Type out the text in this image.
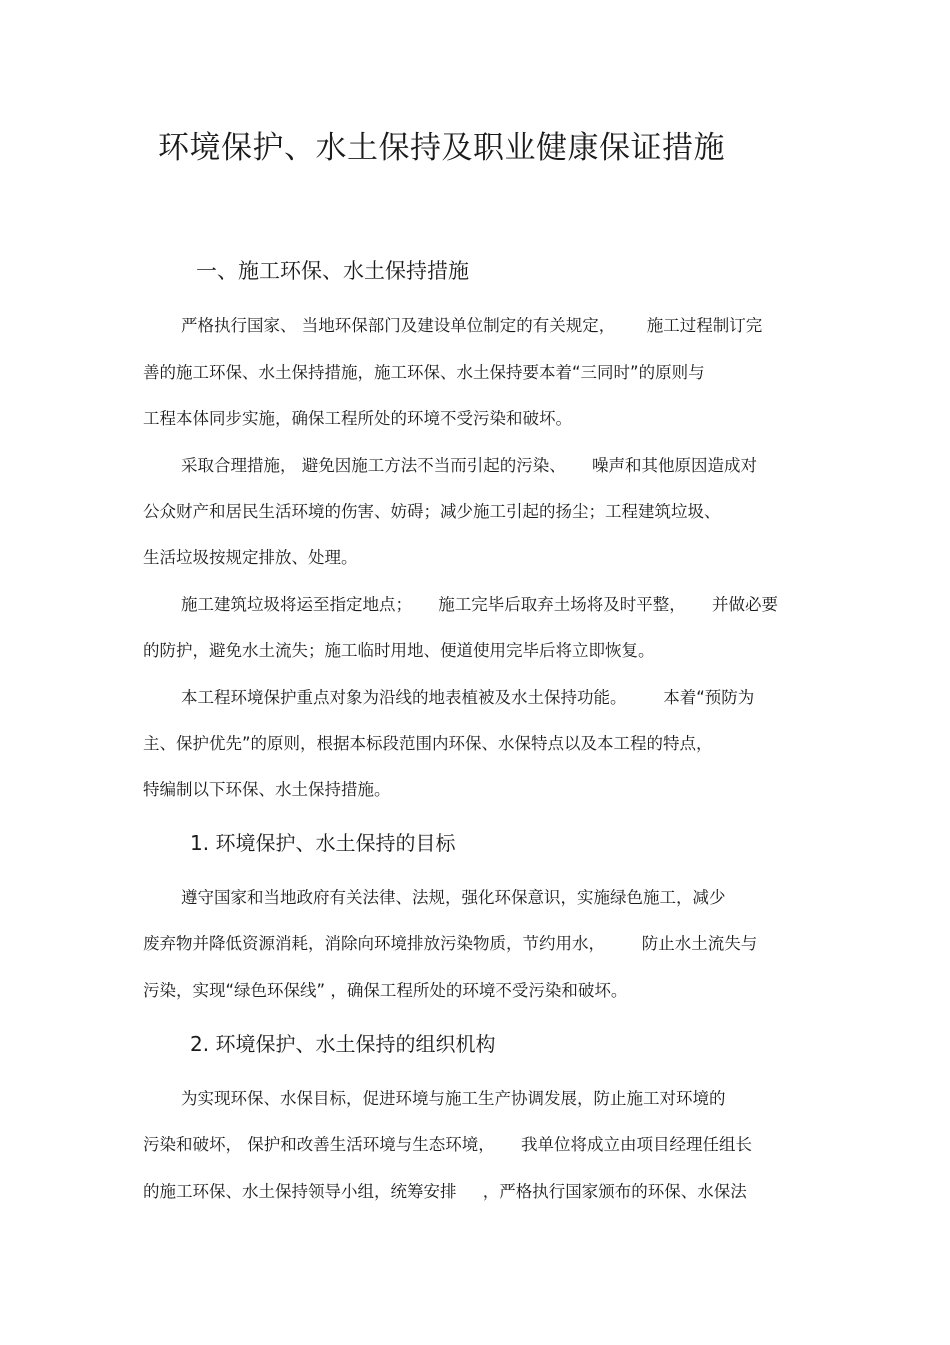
环境保护、水土保持及职业健康保证措施
一、施工环保、水土保持措施
严格执行国家、 当地环保部门及建设单位制定的有关规定，      施工过程制订完
善的施工环保、水土保持措施，施工环保、水土保持要本着“三同时”的原则与
工程本体同步实施，确保工程所处的环境不受污染和破坏。
采取合理措施， 避免因施工方法不当而引起的污染、     噪声和其他原因造成对
公众财产和居民生活环境的伤害、妨碍；减少施工引起的扬尘；工程建筑垃圾、
生活垃圾按规定排放、处理。
施工建筑垃圾将运至指定地点；     施工完毕后取弃土场将及时平整，     并做必要
的防护，避免水土流失；施工临时用地、便道使用完毕后将立即恢复。
本工程环境保护重点对象为沿线的地表植被及水土保持功能。       本着“预防为
主、保护优先”的原则，根据本标段范围内环保、水保特点以及本工程的特点，
特编制以下环保、水土保持措施。
1. 环境保护、水土保持的目标
遵守国家和当地政府有关法律、法规，强化环保意识，实施绿色施工，减少
废弃物并降低资源消耗，消除向环境排放污染物质，节约用水，       防止水土流失与
污染，实现“绿色环保线” ，确保工程所处的环境不受污染和破坏。
2. 环境保护、水土保持的组织机构
为实现环保、水保目标，促进环境与施工生产协调发展，防止施工对环境的
污染和破坏， 保护和改善生活环境与生态环境，     我单位将成立由项目经理任组长
的施工环保、水土保持领导小组，统筹安排     ，严格执行国家颁布的环保、水保法
